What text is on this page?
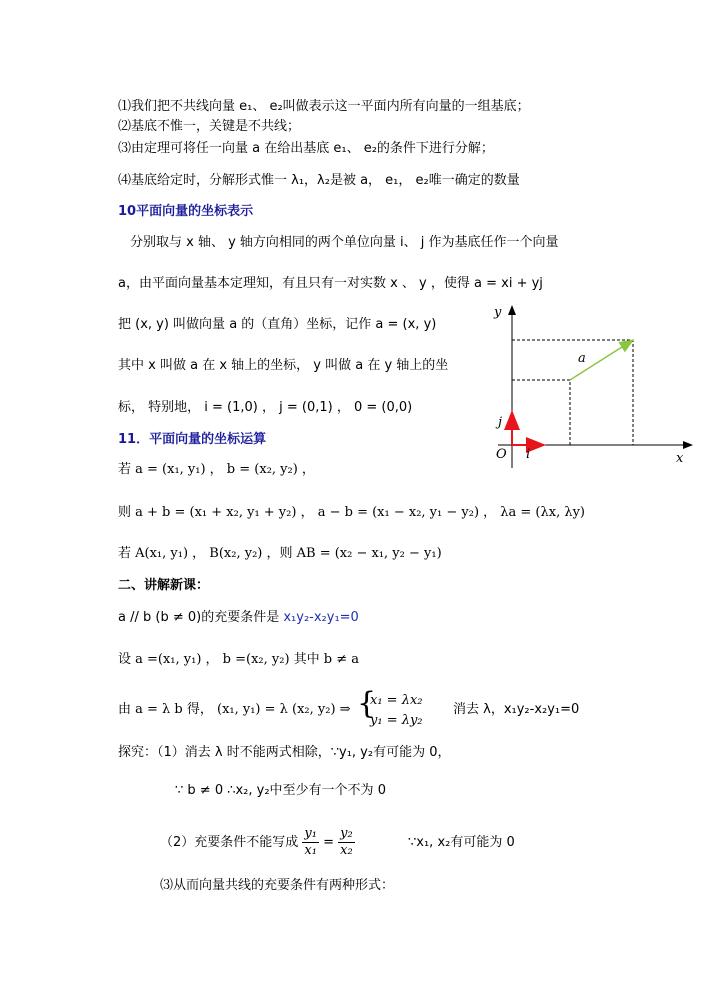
⑴我们把不共线向量 e₁、 e₂叫做表示这一平面内所有向量的一组基底；
⑵基底不惟一，关键是不共线；
⑶由定理可将任一向量 a 在给出基底 e₁、 e₂的条件下进行分解；
⑷基底给定时，分解形式惟一 λ₁，λ₂是被 a， e₁， e₂唯一确定的数量
10平面向量的坐标表示
分别取与 x 轴、 y 轴方向相同的两个单位向量 i、 j 作为基底任作一个向量
a，由平面向量基本定理知，有且只有一对实数 x 、 y ，使得 a = xi + yj
把 (x, y) 叫做向量 a 的（直角）坐标，记作 a = (x, y)
其中 x 叫做 a 在 x 轴上的坐标， y 叫做 a 在 y 轴上的坐
标， 特别地， i = (1,0) ， j = (0,1) ， 0 = (0,0)
y
x
O i
j
a
11．平面向量的坐标运算
若 a = (x₁, y₁) ， b = (x₂, y₂) ，
则 a + b = (x₁ + x₂, y₁ + y₂) ， a − b = (x₁ − x₂, y₁ − y₂) ， λa = (λx, λy)
若 A(x₁, y₁) ， B(x₂, y₂) ，则 AB = (x₂ − x₁, y₂ − y₁)
二、讲解新课：
a // b (b ≠ 0)的充要条件是 x₁y₂-x₂y₁=0
设 a =(x₁, y₁) ， b =(x₂, y₂) 其中 b ≠ a
由 a = λ b 得， (x₁, y₁) = λ (x₂, y₂) ⇒ {
x₁ = λx₂
y₁ = λy₂
消去 λ，x₁y₂-x₂y₁=0
探究：（1）消去 λ 时不能两式相除，∵y₁, y₂有可能为 0，
∵ b ≠ 0 ∴x₂, y₂中至少有一个不为 0
（2）充要条件不能写成 $\frac{\text{y₁}}{\text{x₁}} = \frac{\text{y₂}}{\text{x₂}}$	∵x₁, x₂有可能为 0
⑶从而向量共线的充要条件有两种形式：
